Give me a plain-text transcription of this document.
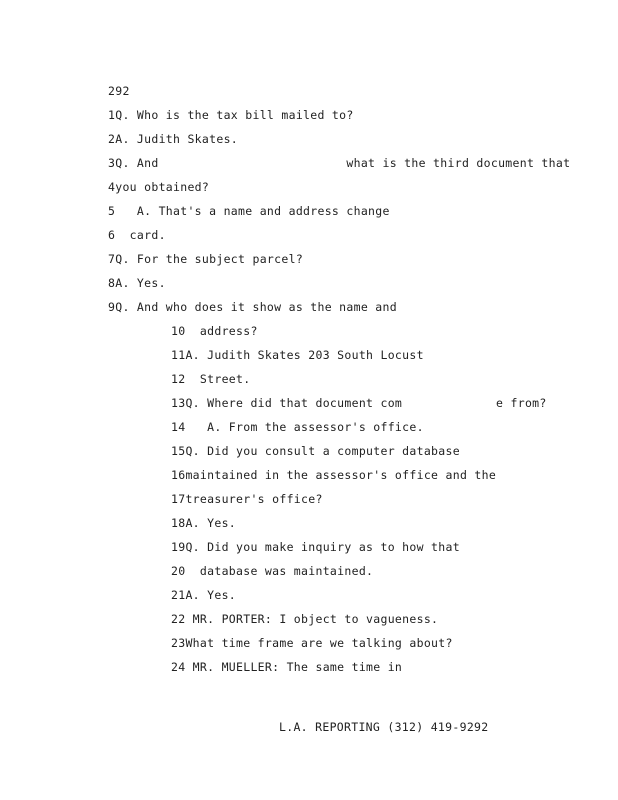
292
1Q. Who is the tax bill mailed to?
2A. Judith Skates.
3Q. And                          what is the third document that
4you obtained?
5   A. That's a name and address change
6  card.
7Q. For the subject parcel?
8A. Yes.
9Q. And who does it show as the name and
10  address?
11A. Judith Skates 203 South Locust
12  Street.
13Q. Where did that document com             e from?
14   A. From the assessor's office.
15Q. Did you consult a computer database
16maintained in the assessor's office and the
17treasurer's office?
18A. Yes.
19Q. Did you make inquiry as to how that
20  database was maintained.
21A. Yes.
22 MR. PORTER: I object to vagueness.
23What time frame are we talking about?
24 MR. MUELLER: The same time in
L.A. REPORTING (312) 419-9292
